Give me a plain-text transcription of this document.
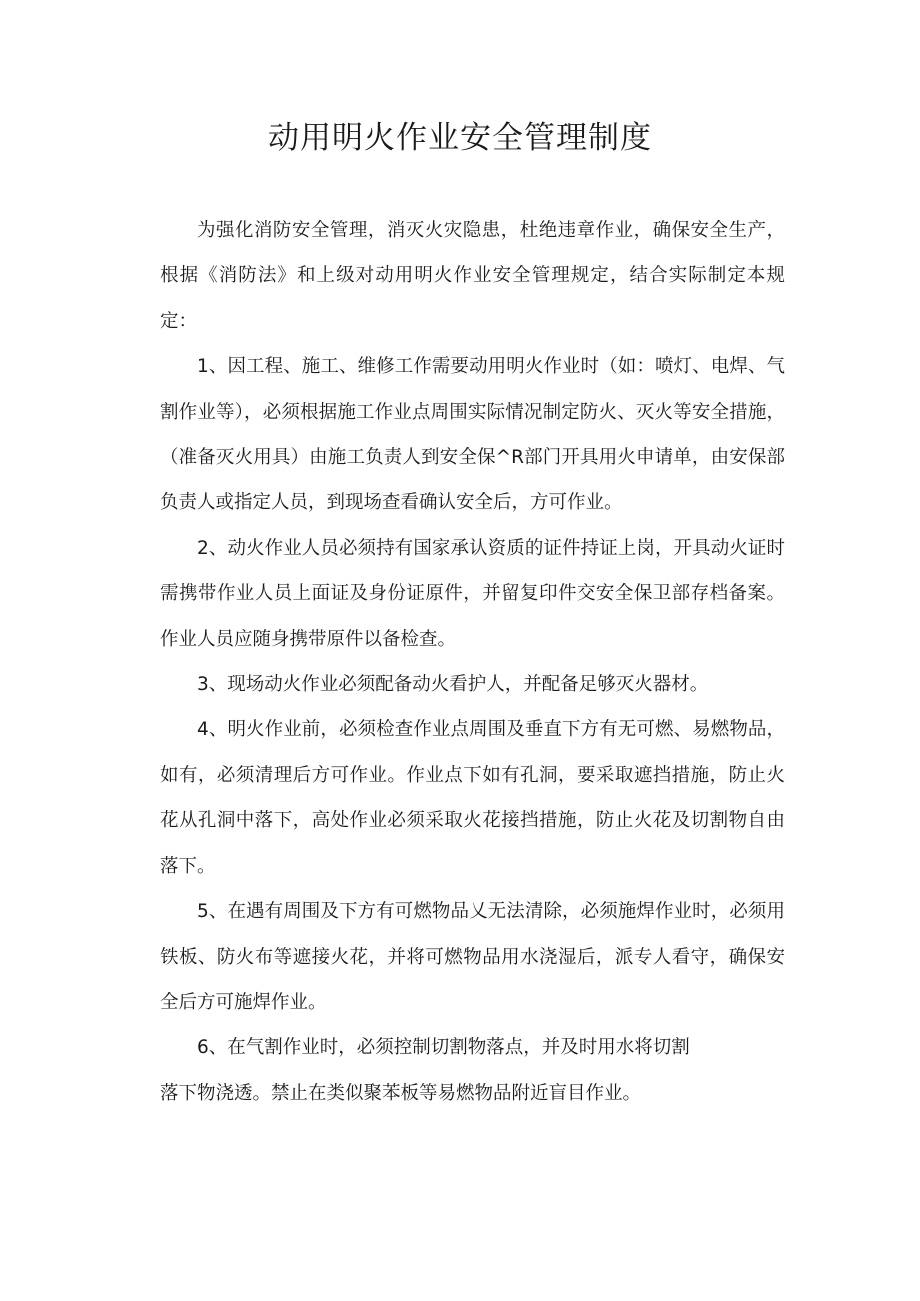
动用明火作业安全管理制度

为强化消防安全管理，消灭火灾隐患，杜绝违章作业，确保安全生产，根据《消防法》和上级对动用明火作业安全管理规定，结合实际制定本规定：

1、因工程、施工、维修工作需要动用明火作业时（如：喷灯、电焊、气割作业等），必须根据施工作业点周围实际情况制定防火、灭火等安全措施，（准备灭火用具）由施工负责人到安全保^R部门开具用火申请单，由安保部负责人或指定人员，到现场查看确认安全后，方可作业。

2、动火作业人员必须持有国家承认资质的证件持证上岗，开具动火证时需携带作业人员上面证及身份证原件，并留复印件交安全保卫部存档备案。作业人员应随身携带原件以备检查。

3、现场动火作业必须配备动火看护人，并配备足够灭火器材。

4、明火作业前，必须检查作业点周围及垂直下方有无可燃、易燃物品，如有，必须清理后方可作业。作业点下如有孔洞，要采取遮挡措施，防止火花从孔洞中落下，高处作业必须采取火花接挡措施，防止火花及切割物自由落下。

5、在遇有周围及下方有可燃物品乂无法清除，必须施焊作业时，必须用铁板、防火布等遮接火花，并将可燃物品用水浇湿后，派专人看守，确保安全后方可施焊作业。

6、在气割作业时，必须控制切割物落点，并及时用水将切割

落下物浇透。禁止在类似聚苯板等易燃物品附近盲目作业。
